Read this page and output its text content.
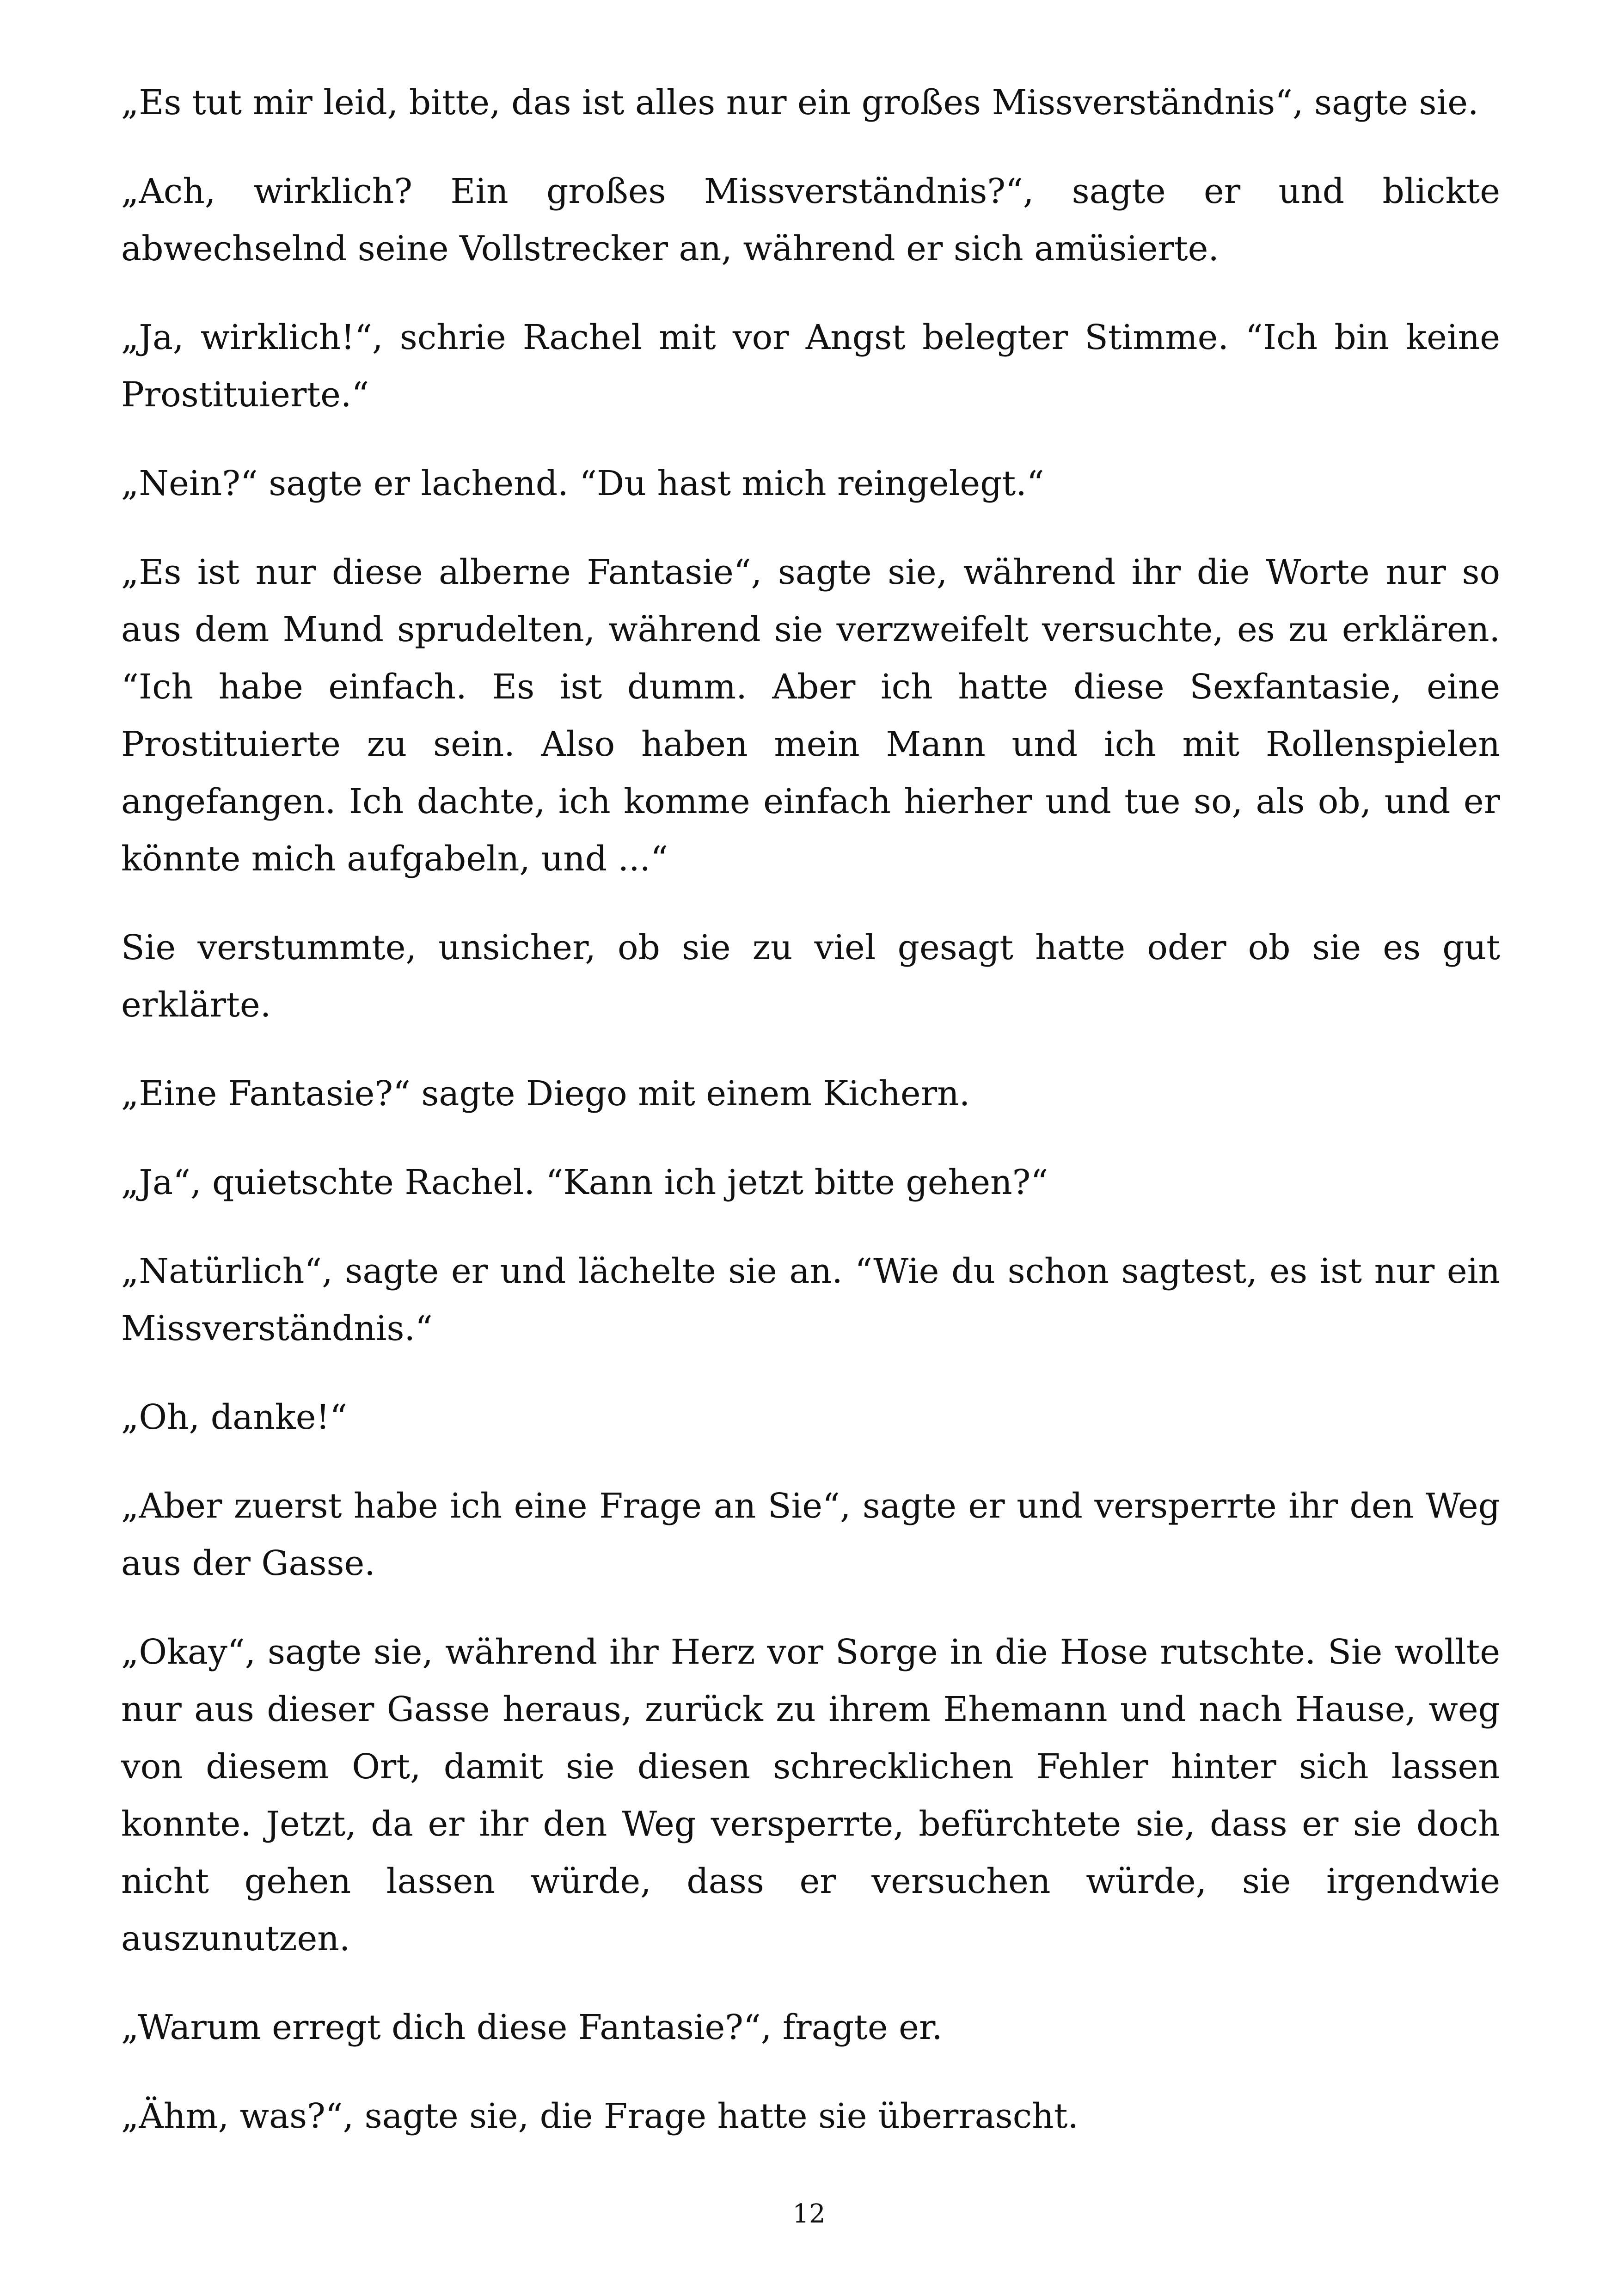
„Es tut mir leid, bitte, das ist alles nur ein großes Missverständnis“, sagte sie.

„Ach, wirklich? Ein großes Missverständnis?“, sagte er und blickte abwechselnd seine Vollstrecker an, während er sich amüsierte.

„Ja, wirklich!“, schrie Rachel mit vor Angst belegter Stimme. “Ich bin keine Prostituierte.“

„Nein?“ sagte er lachend. “Du hast mich reingelegt.“

„Es ist nur diese alberne Fantasie“, sagte sie, während ihr die Worte nur so aus dem Mund sprudelten, während sie verzweifelt versuchte, es zu erklären. “Ich habe einfach. Es ist dumm. Aber ich hatte diese Sexfantasie, eine Prostituierte zu sein. Also haben mein Mann und ich mit Rollenspielen angefangen. Ich dachte, ich komme einfach hierher und tue so, als ob, und er könnte mich aufgabeln, und ...“

Sie verstummte, unsicher, ob sie zu viel gesagt hatte oder ob sie es gut erklärte.

„Eine Fantasie?“ sagte Diego mit einem Kichern.

„Ja“, quietschte Rachel. “Kann ich jetzt bitte gehen?“

„Natürlich“, sagte er und lächelte sie an. “Wie du schon sagtest, es ist nur ein Missverständnis.“

„Oh, danke!“

„Aber zuerst habe ich eine Frage an Sie“, sagte er und versperrte ihr den Weg aus der Gasse.

„Okay“, sagte sie, während ihr Herz vor Sorge in die Hose rutschte. Sie wollte nur aus dieser Gasse heraus, zurück zu ihrem Ehemann und nach Hause, weg von diesem Ort, damit sie diesen schrecklichen Fehler hinter sich lassen konnte. Jetzt, da er ihr den Weg versperrte, befürchtete sie, dass er sie doch nicht gehen lassen würde, dass er versuchen würde, sie irgendwie auszunutzen.

„Warum erregt dich diese Fantasie?“, fragte er.

„Ähm, was?“, sagte sie, die Frage hatte sie überrascht.

12
